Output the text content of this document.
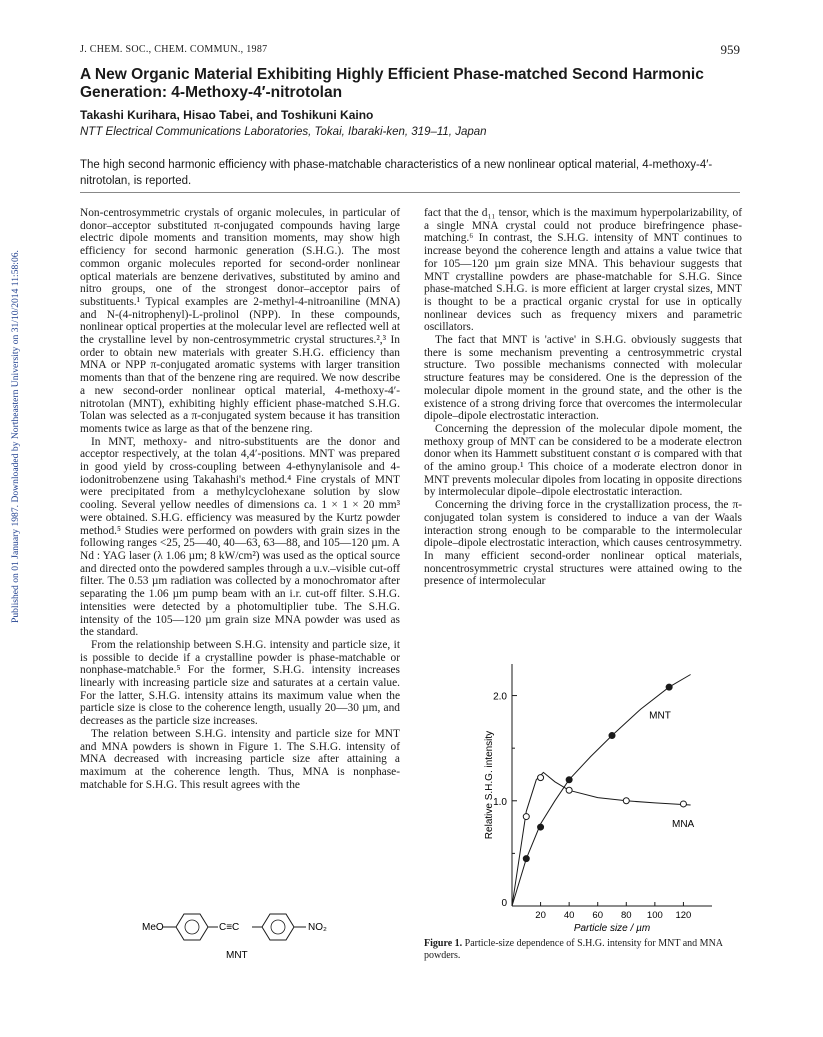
Published on 01 January 1987. Downloaded by Northeastern University on 31/10/2014 11:58:06.
J. CHEM. SOC., CHEM. COMMUN., 1987	959
A New Organic Material Exhibiting Highly Efficient Phase-matched Second Harmonic Generation: 4-Methoxy-4′-nitrotolan
Takashi Kurihara, Hisao Tabei, and Toshikuni Kaino
NTT Electrical Communications Laboratories, Tokai, Ibaraki-ken, 319–11, Japan
The high second harmonic efficiency with phase-matchable characteristics of a new nonlinear optical material, 4-methoxy-4′-nitrotolan, is reported.

Non-centrosymmetric crystals of organic molecules, in particular of donor–acceptor substituted π-conjugated compounds having large electric dipole moments and transition moments, may show high efficiency for second harmonic generation (S.H.G.). The most common organic molecules reported for second-order nonlinear optical materials are benzene derivatives, substituted by amino and nitro groups, one of the strongest donor–acceptor pairs of substituents.¹ Typical examples are 2-methyl-4-nitroaniline (MNA) and N-(4-nitrophenyl)-L-prolinol (NPP). In these compounds, nonlinear optical properties at the molecular level are reflected well at the crystalline level by non-centrosymmetric crystal structures.²,³ In order to obtain new materials with greater S.H.G. efficiency than MNA or NPP π-conjugated aromatic systems with larger transition moments than that of the benzene ring are required. We now describe a new second-order nonlinear optical material, 4-methoxy-4′-nitrotolan (MNT), exhibiting highly efficient phase-matched S.H.G. Tolan was selected as a π-conjugated system because it has transition moments twice as large as that of the benzene ring.

In MNT, methoxy- and nitro-substituents are the donor and acceptor respectively, at the tolan 4,4′-positions. MNT was prepared in good yield by cross-coupling between 4-ethynylanisole and 4-iodonitrobenzene using Takahashi's method.⁴ Fine crystals of MNT were precipitated from a methylcyclohexane solution by slow cooling. Several yellow needles of dimensions ca. 1 × 1 × 20 mm³ were obtained. S.H.G. efficiency was measured by the Kurtz powder method.⁵ Studies were performed on powders with grain sizes in the following ranges <25, 25—40, 40—63, 63—88, and 105—120 µm. A Nd : YAG laser (λ 1.06 µm; 8 kW/cm²) was used as the optical source and directed onto the powdered samples through a u.v.–visible cut-off filter. The 0.53 µm radiation was collected by a monochromator after separating the 1.06 µm pump beam with an i.r. cut-off filter. S.H.G. intensities were detected by a photomultiplier tube. The S.H.G. intensity of the 105—120 µm grain size MNA powder was used as the standard.

From the relationship between S.H.G. intensity and particle size, it is possible to decide if a crystalline powder is phase-matchable or nonphase-matchable.⁵ For the former, S.H.G. intensity increases linearly with increasing particle size and saturates at a certain value. For the latter, S.H.G. intensity attains its maximum value when the particle size is close to the coherence length, usually 20—30 µm, and decreases as the particle size increases.

The relation between S.H.G. intensity and particle size for MNT and MNA powders is shown in Figure 1. The S.H.G. intensity of MNA decreased with increasing particle size after attaining a maximum at the coherence length. Thus, MNA is nonphase-matchable for S.H.G. This result agrees with the

fact that the d₁₁ tensor, which is the maximum hyperpolarizability, of a single MNA crystal could not produce birefringence phase-matching.⁶ In contrast, the S.H.G. intensity of MNT continues to increase beyond the coherence length and attains a value twice that for 105—120 µm grain size MNA. This behaviour suggests that MNT crystalline powders are phase-matchable for S.H.G. Since phase-matched S.H.G. is more efficient at larger crystal sizes, MNT is thought to be a practical organic crystal for use in optically nonlinear devices such as frequency mixers and parametric oscillators.

The fact that MNT is 'active' in S.H.G. obviously suggests that there is some mechanism preventing a centrosymmetric crystal structure. Two possible mechanisms connected with molecular structure features may be considered. One is the depression of the molecular dipole moment in the ground state, and the other is the existence of a strong driving force that overcomes the intermolecular dipole–dipole electrostatic interaction.

Concerning the depression of the molecular dipole moment, the methoxy group of MNT can be considered to be a moderate electron donor when its Hammett substituent constant σ is compared with that of the amino group.¹ This choice of a moderate electron donor in MNT prevents molecular dipoles from locating in opposite directions by intermolecular dipole–dipole electrostatic interaction.

Concerning the driving force in the crystallization process, the π-conjugated tolan system is considered to induce a van der Waals interaction strong enough to be comparable to the intermolecular dipole–dipole electrostatic interaction, which causes centrosymmetry. In many efficient second-order nonlinear optical materials, noncentrosymmetric crystal structures were attained owing to the presence of intermolecular

MeO	C≡C	NO₂
MNT
0
1.0
2.0
20 40 60 80 100 120
Particle size / µm
Relative S.H.G. intensity
MNT
MNA
Figure 1. Particle-size dependence of S.H.G. intensity for MNT and MNA powders.
